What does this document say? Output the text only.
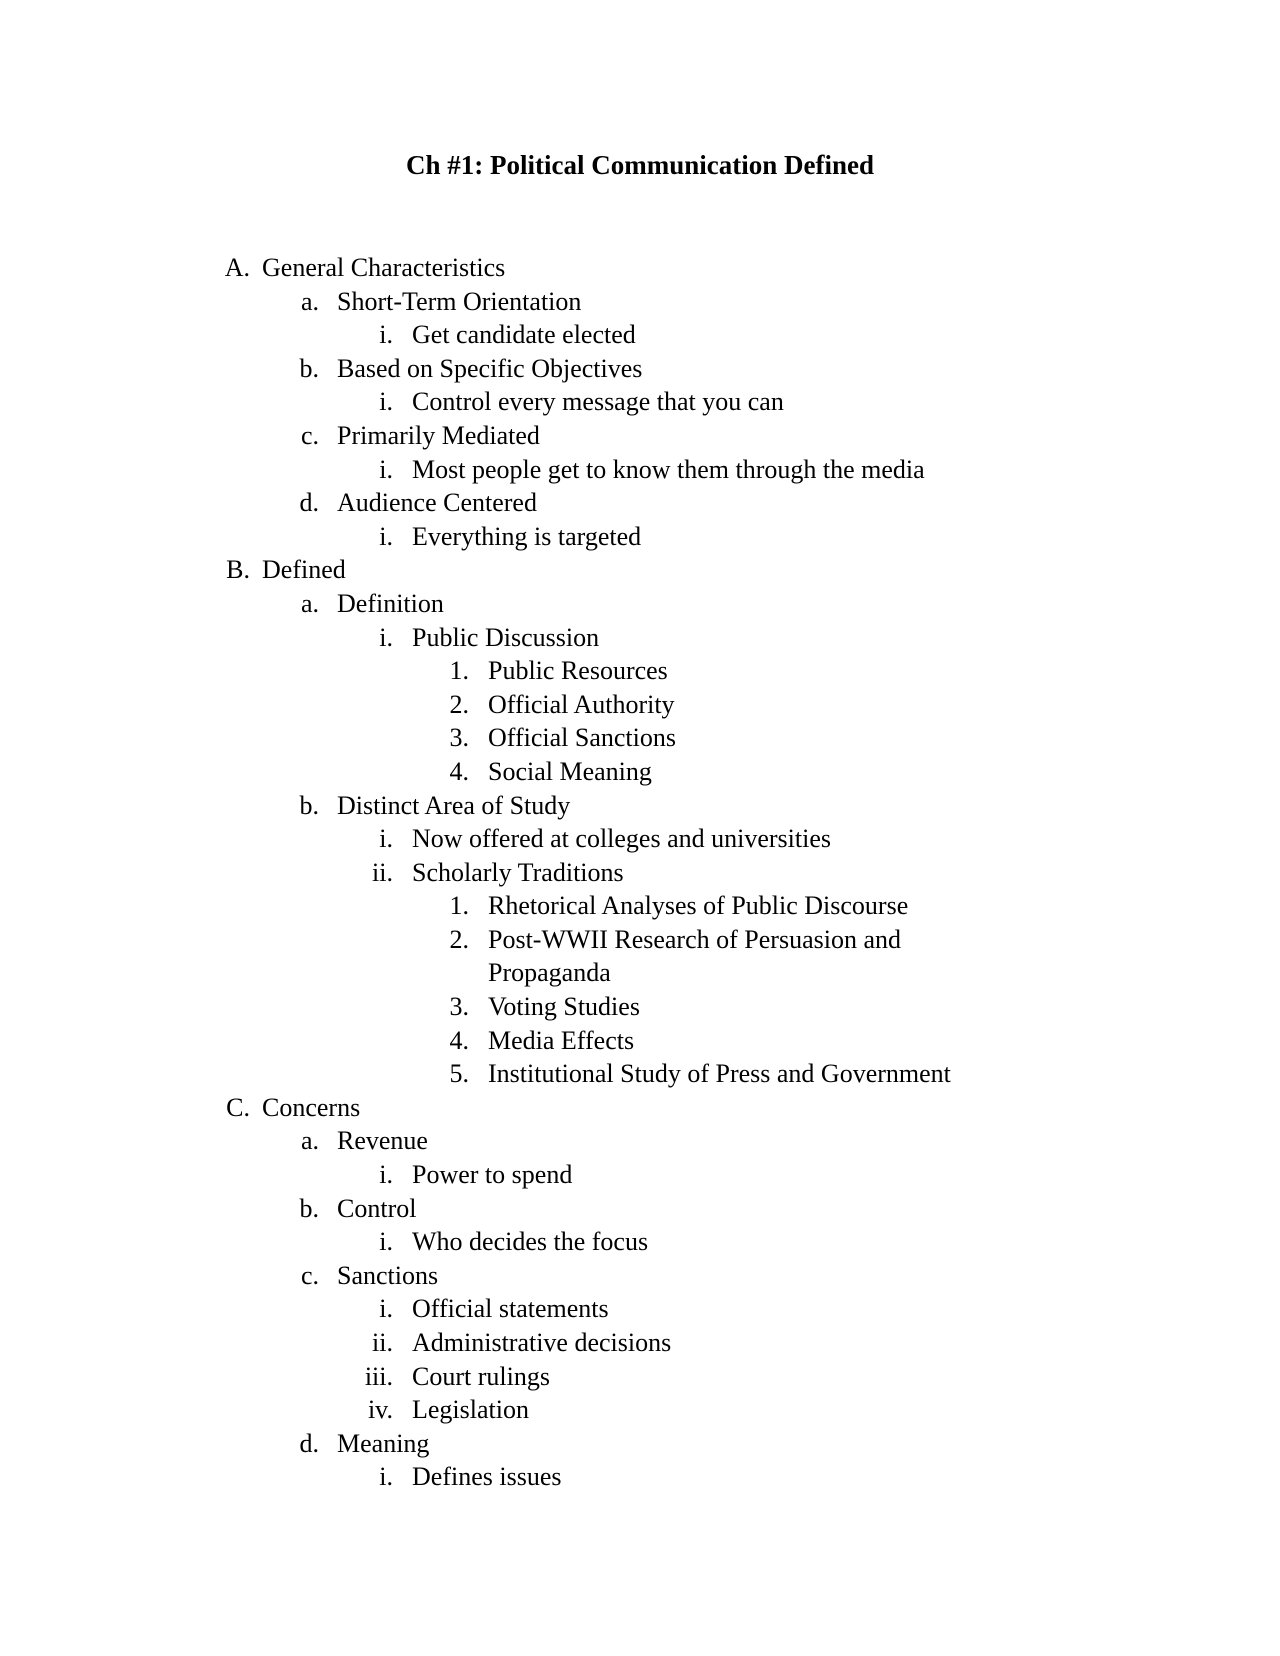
Ch #1: Political Communication Defined
A. General Characteristics
a. Short-Term Orientation
i. Get candidate elected
b. Based on Specific Objectives
i. Control every message that you can
c. Primarily Mediated
i. Most people get to know them through the media
d. Audience Centered
i. Everything is targeted
B. Defined
a. Definition
i. Public Discussion
1. Public Resources
2. Official Authority
3. Official Sanctions
4. Social Meaning
b. Distinct Area of Study
i. Now offered at colleges and universities
ii. Scholarly Traditions
1. Rhetorical Analyses of Public Discourse
2. Post-WWII Research of Persuasion and
Propaganda
3. Voting Studies
4. Media Effects
5. Institutional Study of Press and Government
C. Concerns
a. Revenue
i. Power to spend
b. Control
i. Who decides the focus
c. Sanctions
i. Official statements
ii. Administrative decisions
iii. Court rulings
iv. Legislation
d. Meaning
i. Defines issues
